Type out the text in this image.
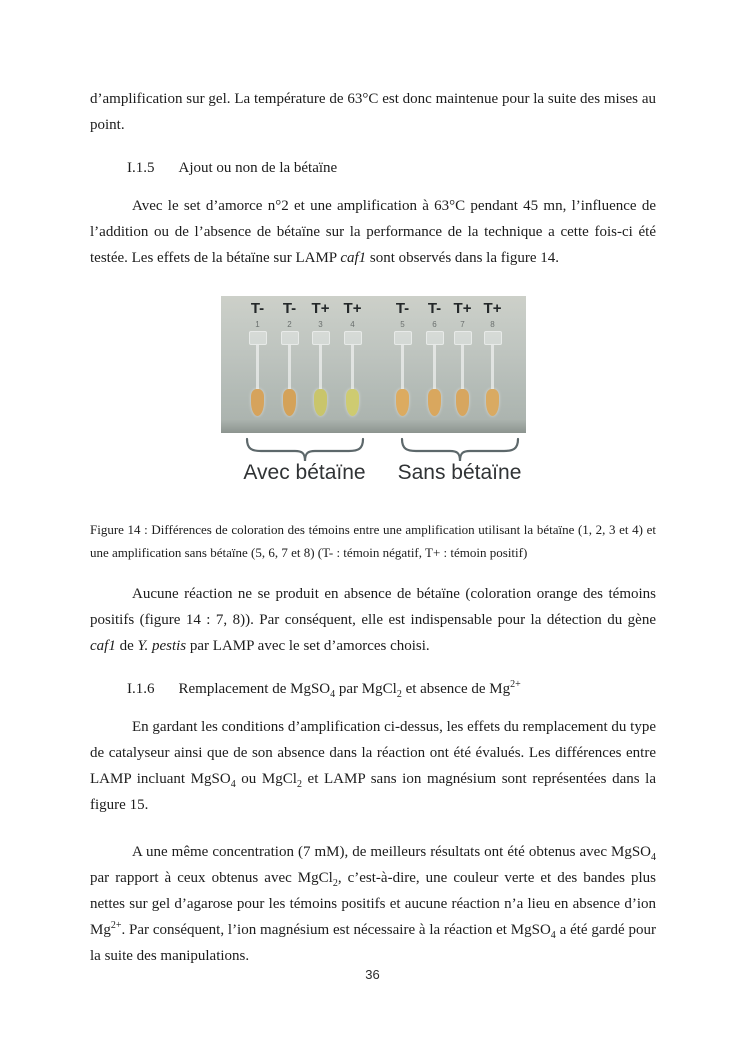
d’amplification sur gel. La température de 63°C est donc maintenue pour la suite des mises au point.

I.1.5 Ajout ou non de la bétaïne

Avec le set d’amorce n°2 et une amplification à 63°C pendant 45 mn, l’influence de l’addition ou de l’absence de bétaïne sur la performance de la technique a cette fois-ci été testée. Les effets de la bétaïne sur LAMP caf1 sont observés dans la figure 14.

T-
1
T-
2
T+
3
T+
4
T-
5
T-
6
T+
7
T+
8
Avec bétaïne	Sans bétaïne

Figure 14 : Différences de coloration des témoins entre une amplification utilisant la bétaïne (1, 2, 3 et 4) et une amplification sans bétaïne (5, 6, 7 et 8) (T- : témoin négatif, T+ : témoin positif)

Aucune réaction ne se produit en absence de bétaïne (coloration orange des témoins positifs (figure 14 : 7, 8)). Par conséquent, elle est indispensable pour la détection du gène caf1 de Y. pestis par LAMP avec le set d’amorces choisi.

I.1.6 Remplacement de MgSO$_4$ par MgCl$_2$ et absence de $Mg^{2+}$

En gardant les conditions d’amplification ci-dessus, les effets du remplacement du type de catalyseur ainsi que de son absence dans la réaction ont été évalués. Les différences entre LAMP incluant MgSO$_4$ ou MgCl$_2$ et LAMP sans ion magnésium sont représentées dans la figure 15.

A une même concentration (7 mM), de meilleurs résultats ont été obtenus avec MgSO$_4$ par rapport à ceux obtenus avec MgCl$_2$, c’est-à-dire, une couleur verte et des bandes plus nettes sur gel d’agarose pour les témoins positifs et aucune réaction n’a lieu en absence d’ion $Mg^{2+}$. Par conséquent, l’ion magnésium est nécessaire à la réaction et MgSO$_4$ a été gardé pour la suite des manipulations.

36
